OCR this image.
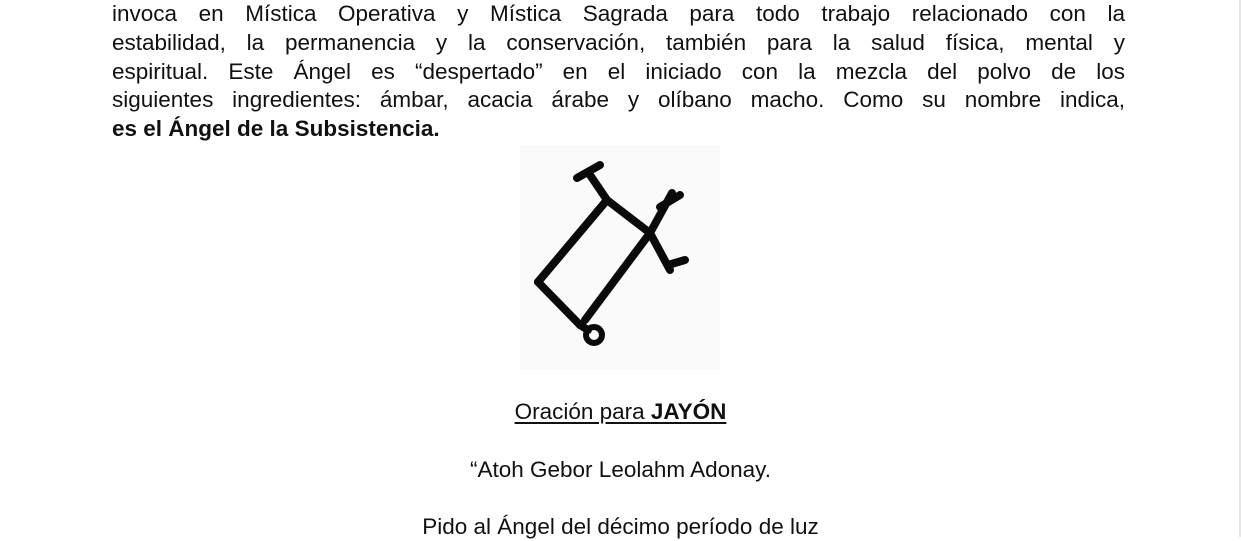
invoca en Mística Operativa y Mística Sagrada para todo trabajo relacionado con la
estabilidad, la permanencia y la conservación, también para la salud física, mental y
espiritual. Este Ángel es “despertado” en el iniciado con la mezcla del polvo de los
siguientes ingredientes: ámbar, acacia árabe y olíbano macho. Como su nombre indica,
es el Ángel de la Subsistencia.
Oración para JAYÓN
“Atoh Gebor Leolahm Adonay.
Pido al Ángel del décimo período de luz
